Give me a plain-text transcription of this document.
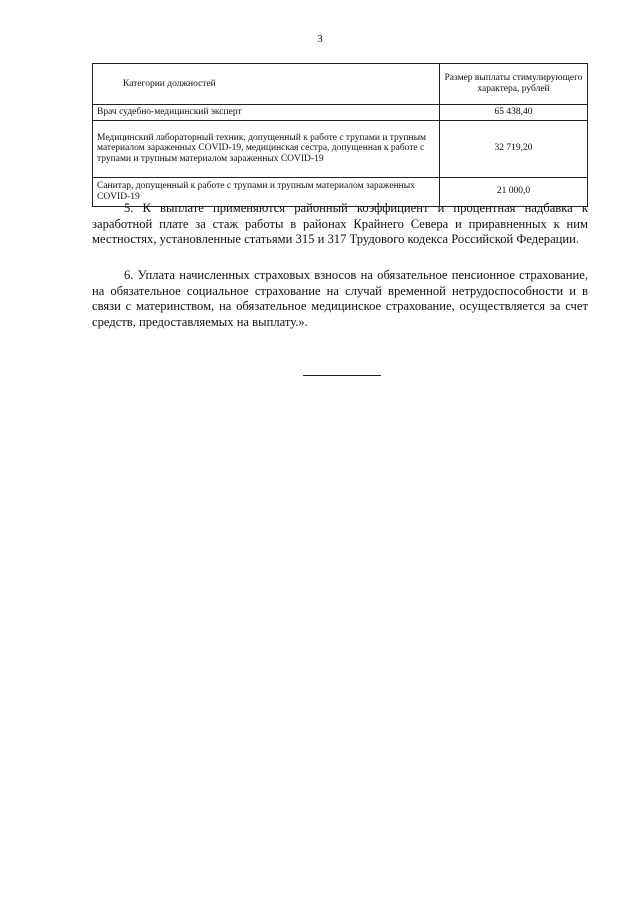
3
Категории должностей	Размер выплаты стимулирующего характера, рублей
Врач судебно-медицинский эксперт	65 438,40
Медицинский лабораторный техник, допущенный к работе с трупами и трупным материалом зараженных COVID-19, медицинская сестра, допущенная к работе с трупами и трупным материалом зараженных COVID-19	32 719,20
Санитар, допущенный к работе с трупами и трупным материалом зараженных COVID-19	21 000,0

5. К выплате применяются районный коэффициент и процентная надбавка к заработной плате за стаж работы в районах Крайнего Севера и приравненных к ним местностях, установленные статьями 315 и 317 Трудового кодекса Российской Федерации.

6. Уплата начисленных страховых взносов на обязательное пенсионное страхование, на обязательное социальное страхование на случай временной нетрудоспособности и в связи с материнством, на обязательное медицинское страхование, осуществляется за счет средств, предоставляемых на выплату.».
